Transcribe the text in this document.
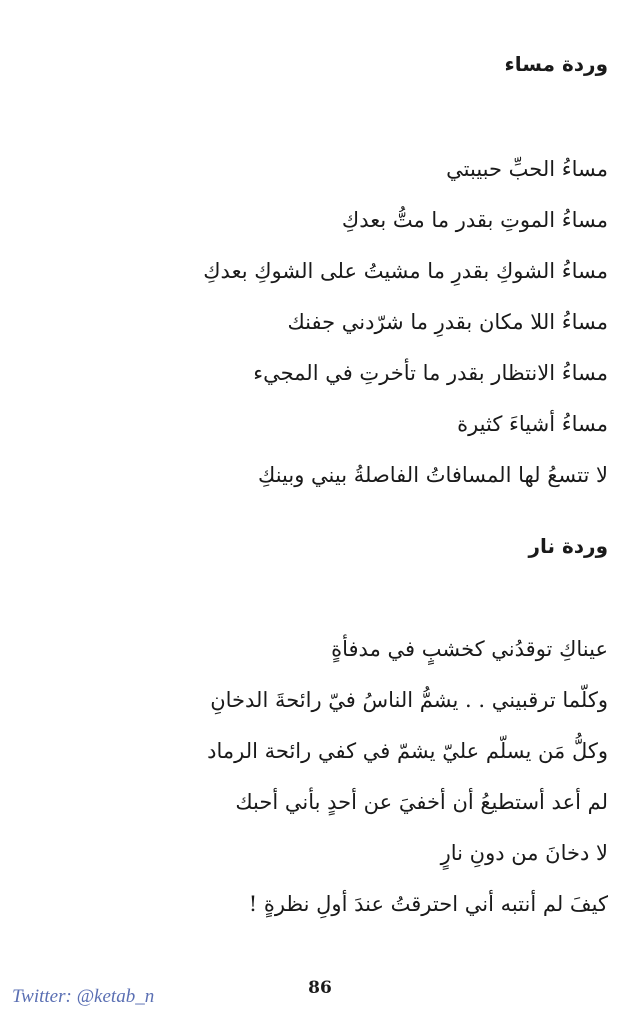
وردة مساء
مساءُ الحبِّ حبيبتي
مساءُ الموتِ بقدر ما متُّ بعدكِ
مساءُ الشوكِ بقدرِ ما مشيتُ على الشوكِ بعدكِ
مساءُ اللا مكان بقدرِ ما شرّدني جفنك
مساءُ الانتظار بقدر ما تأخرتِ في المجيء
مساءُ أشياءَ كثيرة
لا تتسعُ لها المسافاتُ الفاصلةُ بيني وبينكِ
وردة نار
عيناكِ توقدُني كخشبٍ في مدفأةٍ
وكلّما ترقبيني . . يشمُّ الناسُ فيّ رائحةَ الدخانِ
وكلُّ مَن يسلّم عليّ يشمّ في كفي رائحة الرماد
لم أعد أستطيعُ أن أخفيَ عن أحدٍ بأني أحبك
لا دخانَ من دونِ نارٍ
كيفَ لم أنتبه أني احترقتُ عندَ أولِ نظرةٍ !
86
Twitter: @ketab_n
